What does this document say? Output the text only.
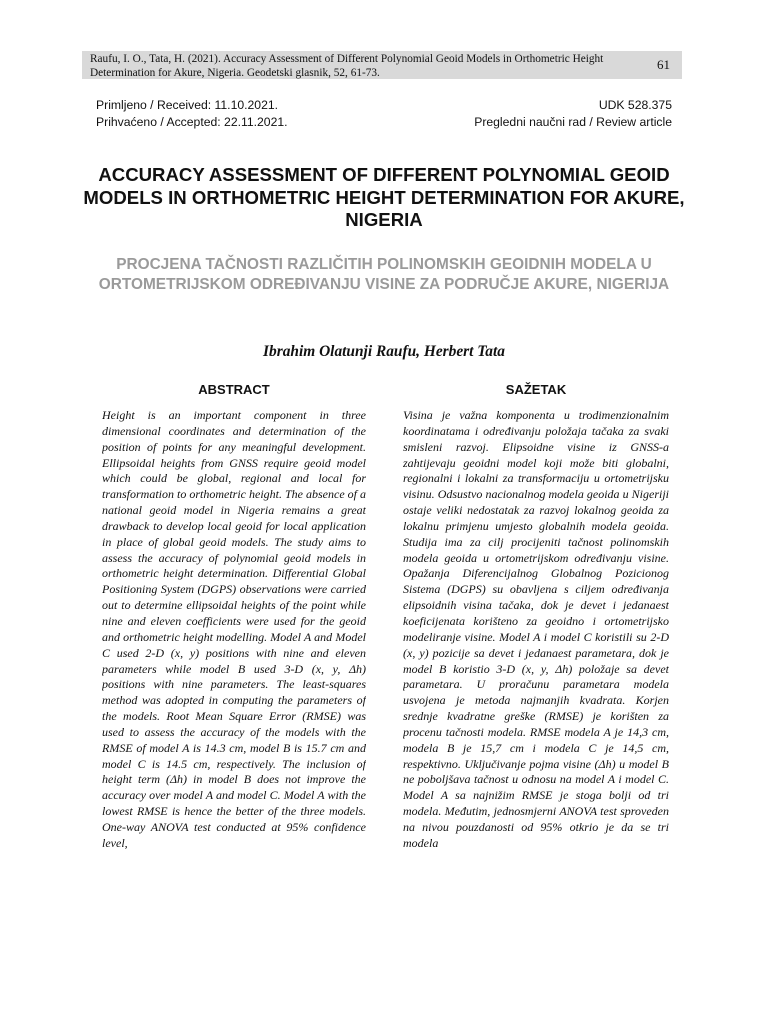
Raufu, I. O., Tata, H. (2021). Accuracy Assessment of Different Polynomial Geoid Models in Orthometric Height Determination for Akure, Nigeria. Geodetski glasnik, 52, 61-73.
61
Primljeno / Received: 11.10.2021.
Prihvaćeno / Accepted: 22.11.2021.
UDK 528.375
Pregledni naučni rad / Review article
ACCURACY ASSESSMENT OF DIFFERENT POLYNOMIAL GEOID MODELS IN ORTHOMETRIC HEIGHT DETERMINATION FOR AKURE, NIGERIA
PROCJENA TAČNOSTI RAZLIČITIH POLINOMSKIH GEOIDNIH MODELA U ORTOMETRIJSKOM ODREĐIVANJU VISINE ZA PODRUČJE AKURE, NIGERIJA
Ibrahim Olatunji Raufu, Herbert Tata
ABSTRACT	SAŽETAK

Height is an important component in three dimensional coordinates and determination of the position of points for any meaningful development. Ellipsoidal heights from GNSS require geoid model which could be global, regional and local for transformation to orthometric height. The absence of a national geoid model in Nigeria remains a great drawback to develop local geoid for local application in place of global geoid models. The study aims to assess the accuracy of polynomial geoid models in orthometric height determination. Differential Global Positioning System (DGPS) observations were carried out to determine ellipsoidal heights of the point while nine and eleven coefficients were used for the geoid and orthometric height modelling. Model A and Model C used 2-D (x, y) positions with nine and eleven parameters while model B used 3-D (x, y, Δh) positions with nine parameters. The least-squares method was adopted in computing the parameters of the models. Root Mean Square Error (RMSE) was used to assess the accuracy of the models with the RMSE of model A is 14.3 cm, model B is 15.7 cm and model C is 14.5 cm, respectively. The inclusion of height term (Δh) in model B does not improve the accuracy over model A and model C. Model A with the lowest RMSE is hence the better of the three models. One-way ANOVA test conducted at 95% confidence level,

Visina je važna komponenta u trodimenzionalnim koordinatama i određivanju položaja tačaka za svaki smisleni razvoj. Elipsoidne visine iz GNSS-a zahtijevaju geoidni model koji može biti globalni, regionalni i lokalni za transformaciju u ortometrijsku visinu. Odsustvo nacionalnog modela geoida u Nigeriji ostaje veliki nedostatak za razvoj lokalnog geoida za lokalnu primjenu umjesto globalnih modela geoida. Studija ima za cilj procijeniti tačnost polinomskih modela geoida u ortometrijskom određivanju visine. Opažanja Diferencijalnog Globalnog Pozicionog Sistema (DGPS) su obavljena s ciljem određivanja elipsoidnih visina tačaka, dok je devet i jedanaest koeficijenata korišteno za geoidno i ortometrijsko modeliranje visine. Model A i model C koristili su 2-D (x, y) pozicije sa devet i jedanaest parametara, dok je model B koristio 3-D (x, y, Δh) položaje sa devet parametara. U proračunu parametara modela usvojena je metoda najmanjih kvadrata. Korjen srednje kvadratne greške (RMSE) je korišten za procenu tačnosti modela. RMSE modela A je 14,3 cm, modela B je 15,7 cm i modela C je 14,5 cm, respektivno. Uključivanje pojma visine (Δh) u model B ne poboljšava tačnost u odnosu na model A i model C. Model A sa najnižim RMSE je stoga bolji od tri modela. Međutim, jednosmjerni ANOVA test sproveden na nivou pouzdanosti od 95% otkrio je da se tri modela
